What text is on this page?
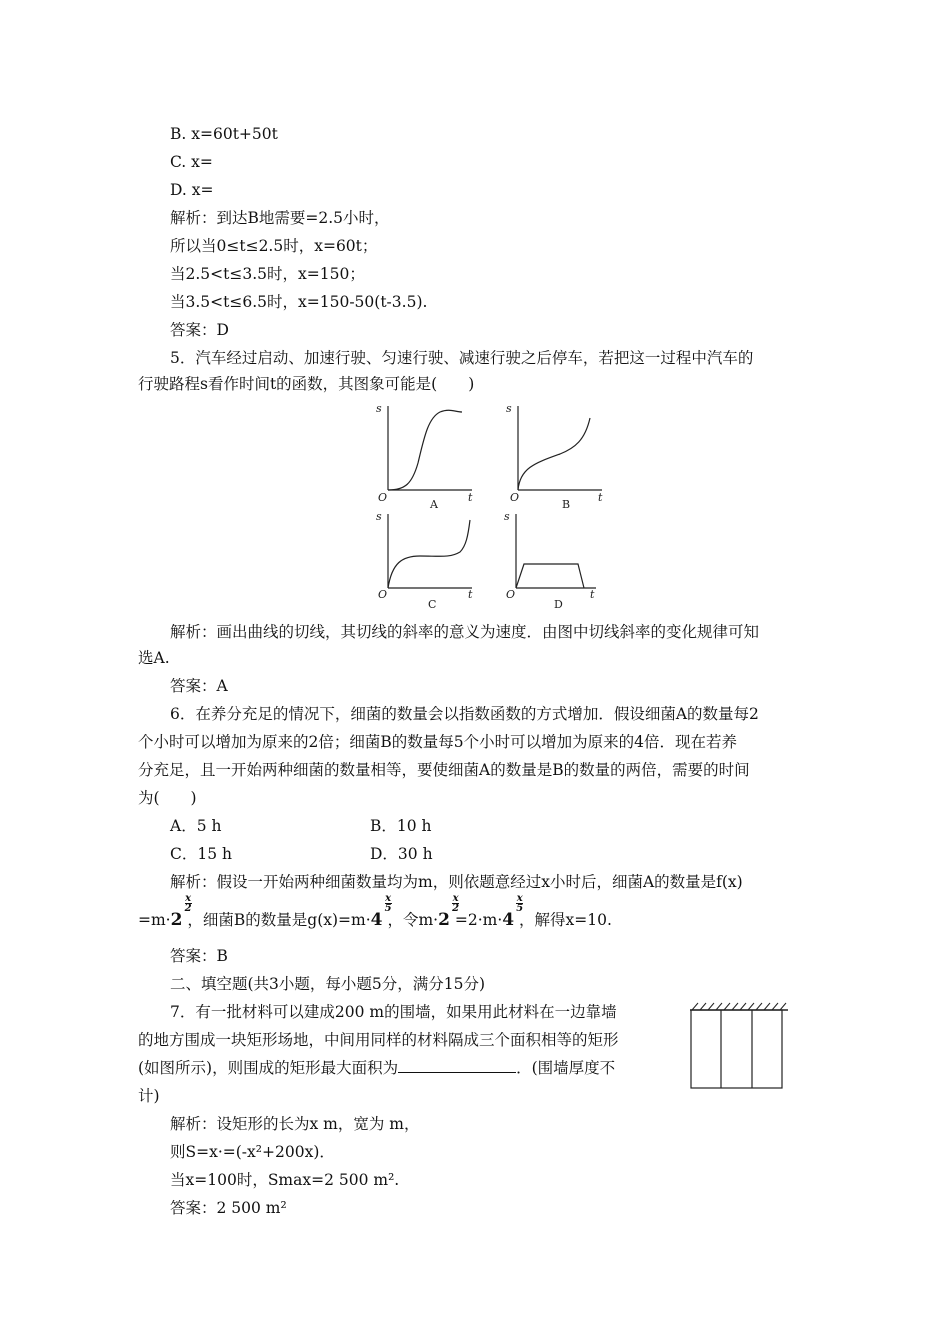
B. x=60t+50t
C. x=
D. x=
解析：到达B地需要=2.5小时，
所以当0≤t≤2.5时，x=60t；
当2.5<t≤3.5时，x=150；
当3.5<t≤6.5时，x=150-50(t-3.5).
答案：D
5．汽车经过启动、加速行驶、匀速行驶、减速行驶之后停车，若把这一过程中汽车的
行驶路程s看作时间t的函数，其图象可能是(　　)
s
t
O
s
t
O
s
t
O
s
t
O
A	B
C	D
解析：画出曲线的切线，其切线的斜率的意义为速度．由图中切线斜率的变化规律可知
选A.
答案：A
6．在养分充足的情况下，细菌的数量会以指数函数的方式增加．假设细菌A的数量每2
个小时可以增加为原来的2倍；细菌B的数量每5个小时可以增加为原来的4倍．现在若养
分充足，且一开始两种细菌的数量相等，要使细菌A的数量是B的数量的两倍，需要的时间
为(　　)
A．5 h	B．10 h
C．15 h	D．30 h
解析：假设一开始两种细菌数量均为m，则依题意经过x小时后，细菌A的数量是f(x)
=m·2
x
2
，细菌B的数量是g(x)=m·4
x
5
，令m·2
x
2
=2·m·4
x
5
，解得x=10.
答案：B
二、填空题(共3小题，每小题5分，满分15分)
7．有一批材料可以建成200 m的围墙，如果用此材料在一边靠墙
的地方围成一块矩形场地，中间用同样的材料隔成三个面积相等的矩形
(如图所示)，则围成的矩形最大面积为	．(围墙厚度不
计)
解析：设矩形的长为x m，宽为 m，
则S=x·=(-x²+200x)．
当x=100时，Smax=2 500 m².
答案：2 500 m²
